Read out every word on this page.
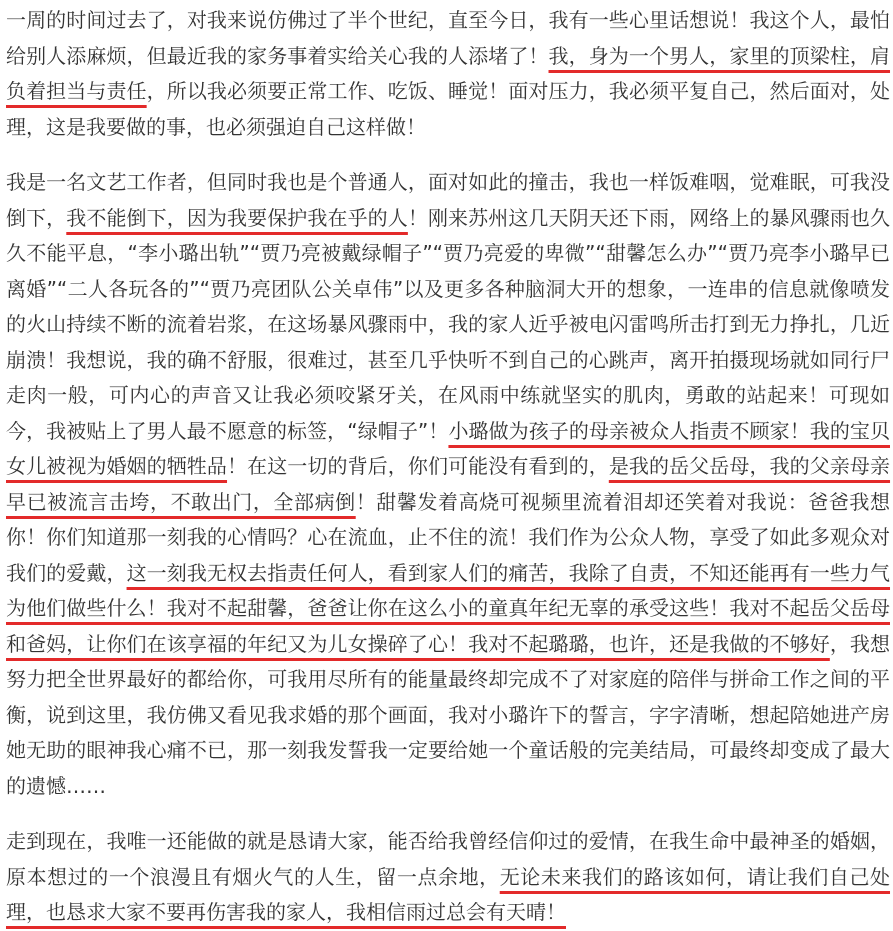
一周的时间过去了，对我来说仿佛过了半个世纪，直至今日，我有一些心里话想说！我这个人，最怕给别人添麻烦，但最近我的家务事着实给关心我的人添堵了！我，身为一个男人，家里的顶梁柱，肩负着担当与责任，所以我必须要正常工作、吃饭、睡觉！面对压力，我必须平复自己，然后面对，处理，这是我要做的事，也必须强迫自己这样做！

我是一名文艺工作者，但同时我也是个普通人，面对如此的撞击，我也一样饭难咽，觉难眠，可我没倒下，我不能倒下，因为我要保护我在乎的人！刚来苏州这几天阴天还下雨，网络上的暴风骤雨也久久不能平息，“李小璐出轨”“贾乃亮被戴绿帽子”“贾乃亮爱的卑微”“甜馨怎么办”“贾乃亮李小璐早已离婚”“二人各玩各的”“贾乃亮团队公关卓伟”以及更多各种脑洞大开的想象，一连串的信息就像喷发的火山持续不断的流着岩浆，在这场暴风骤雨中，我的家人近乎被电闪雷鸣所击打到无力挣扎，几近崩溃！我想说，我的确不舒服，很难过，甚至几乎快听不到自己的心跳声，离开拍摄现场就如同行尸走肉一般，可内心的声音又让我必须咬紧牙关，在风雨中练就坚实的肌肉，勇敢的站起来！可现如今，我被贴上了男人最不愿意的标签，“绿帽子”！小璐做为孩子的母亲被众人指责不顾家！我的宝贝女儿被视为婚姻的牺牲品！在这一切的背后，你们可能没有看到的，是我的岳父岳母，我的父亲母亲早已被流言击垮，不敢出门，全部病倒！甜馨发着高烧可视频里流着泪却还笑着对我说：爸爸我想你！你们知道那一刻我的心情吗？心在流血，止不住的流！我们作为公众人物，享受了如此多观众对我们的爱戴，这一刻我无权去指责任何人，看到家人们的痛苦，我除了自责，不知还能再有一些力气为他们做些什么！我对不起甜馨，爸爸让你在这么小的童真年纪无辜的承受这些！我对不起岳父岳母和爸妈，让你们在该享福的年纪又为儿女操碎了心！我对不起璐璐，也许，还是我做的不够好，我想努力把全世界最好的都给你，可我用尽所有的能量最终却完成不了对家庭的陪伴与拼命工作之间的平衡，说到这里，我仿佛又看见我求婚的那个画面，我对小璐许下的誓言，字字清晰，想起陪她进产房她无助的眼神我心痛不已，那一刻我发誓我一定要给她一个童话般的完美结局，可最终却变成了最大的遗憾……

走到现在，我唯一还能做的就是恳请大家，能否给我曾经信仰过的爱情，在我生命中最神圣的婚姻，原本想过的一个浪漫且有烟火气的人生，留一点余地，无论未来我们的路该如何，请让我们自己处理，也恳求大家不要再伤害我的家人，我相信雨过总会有天晴！
